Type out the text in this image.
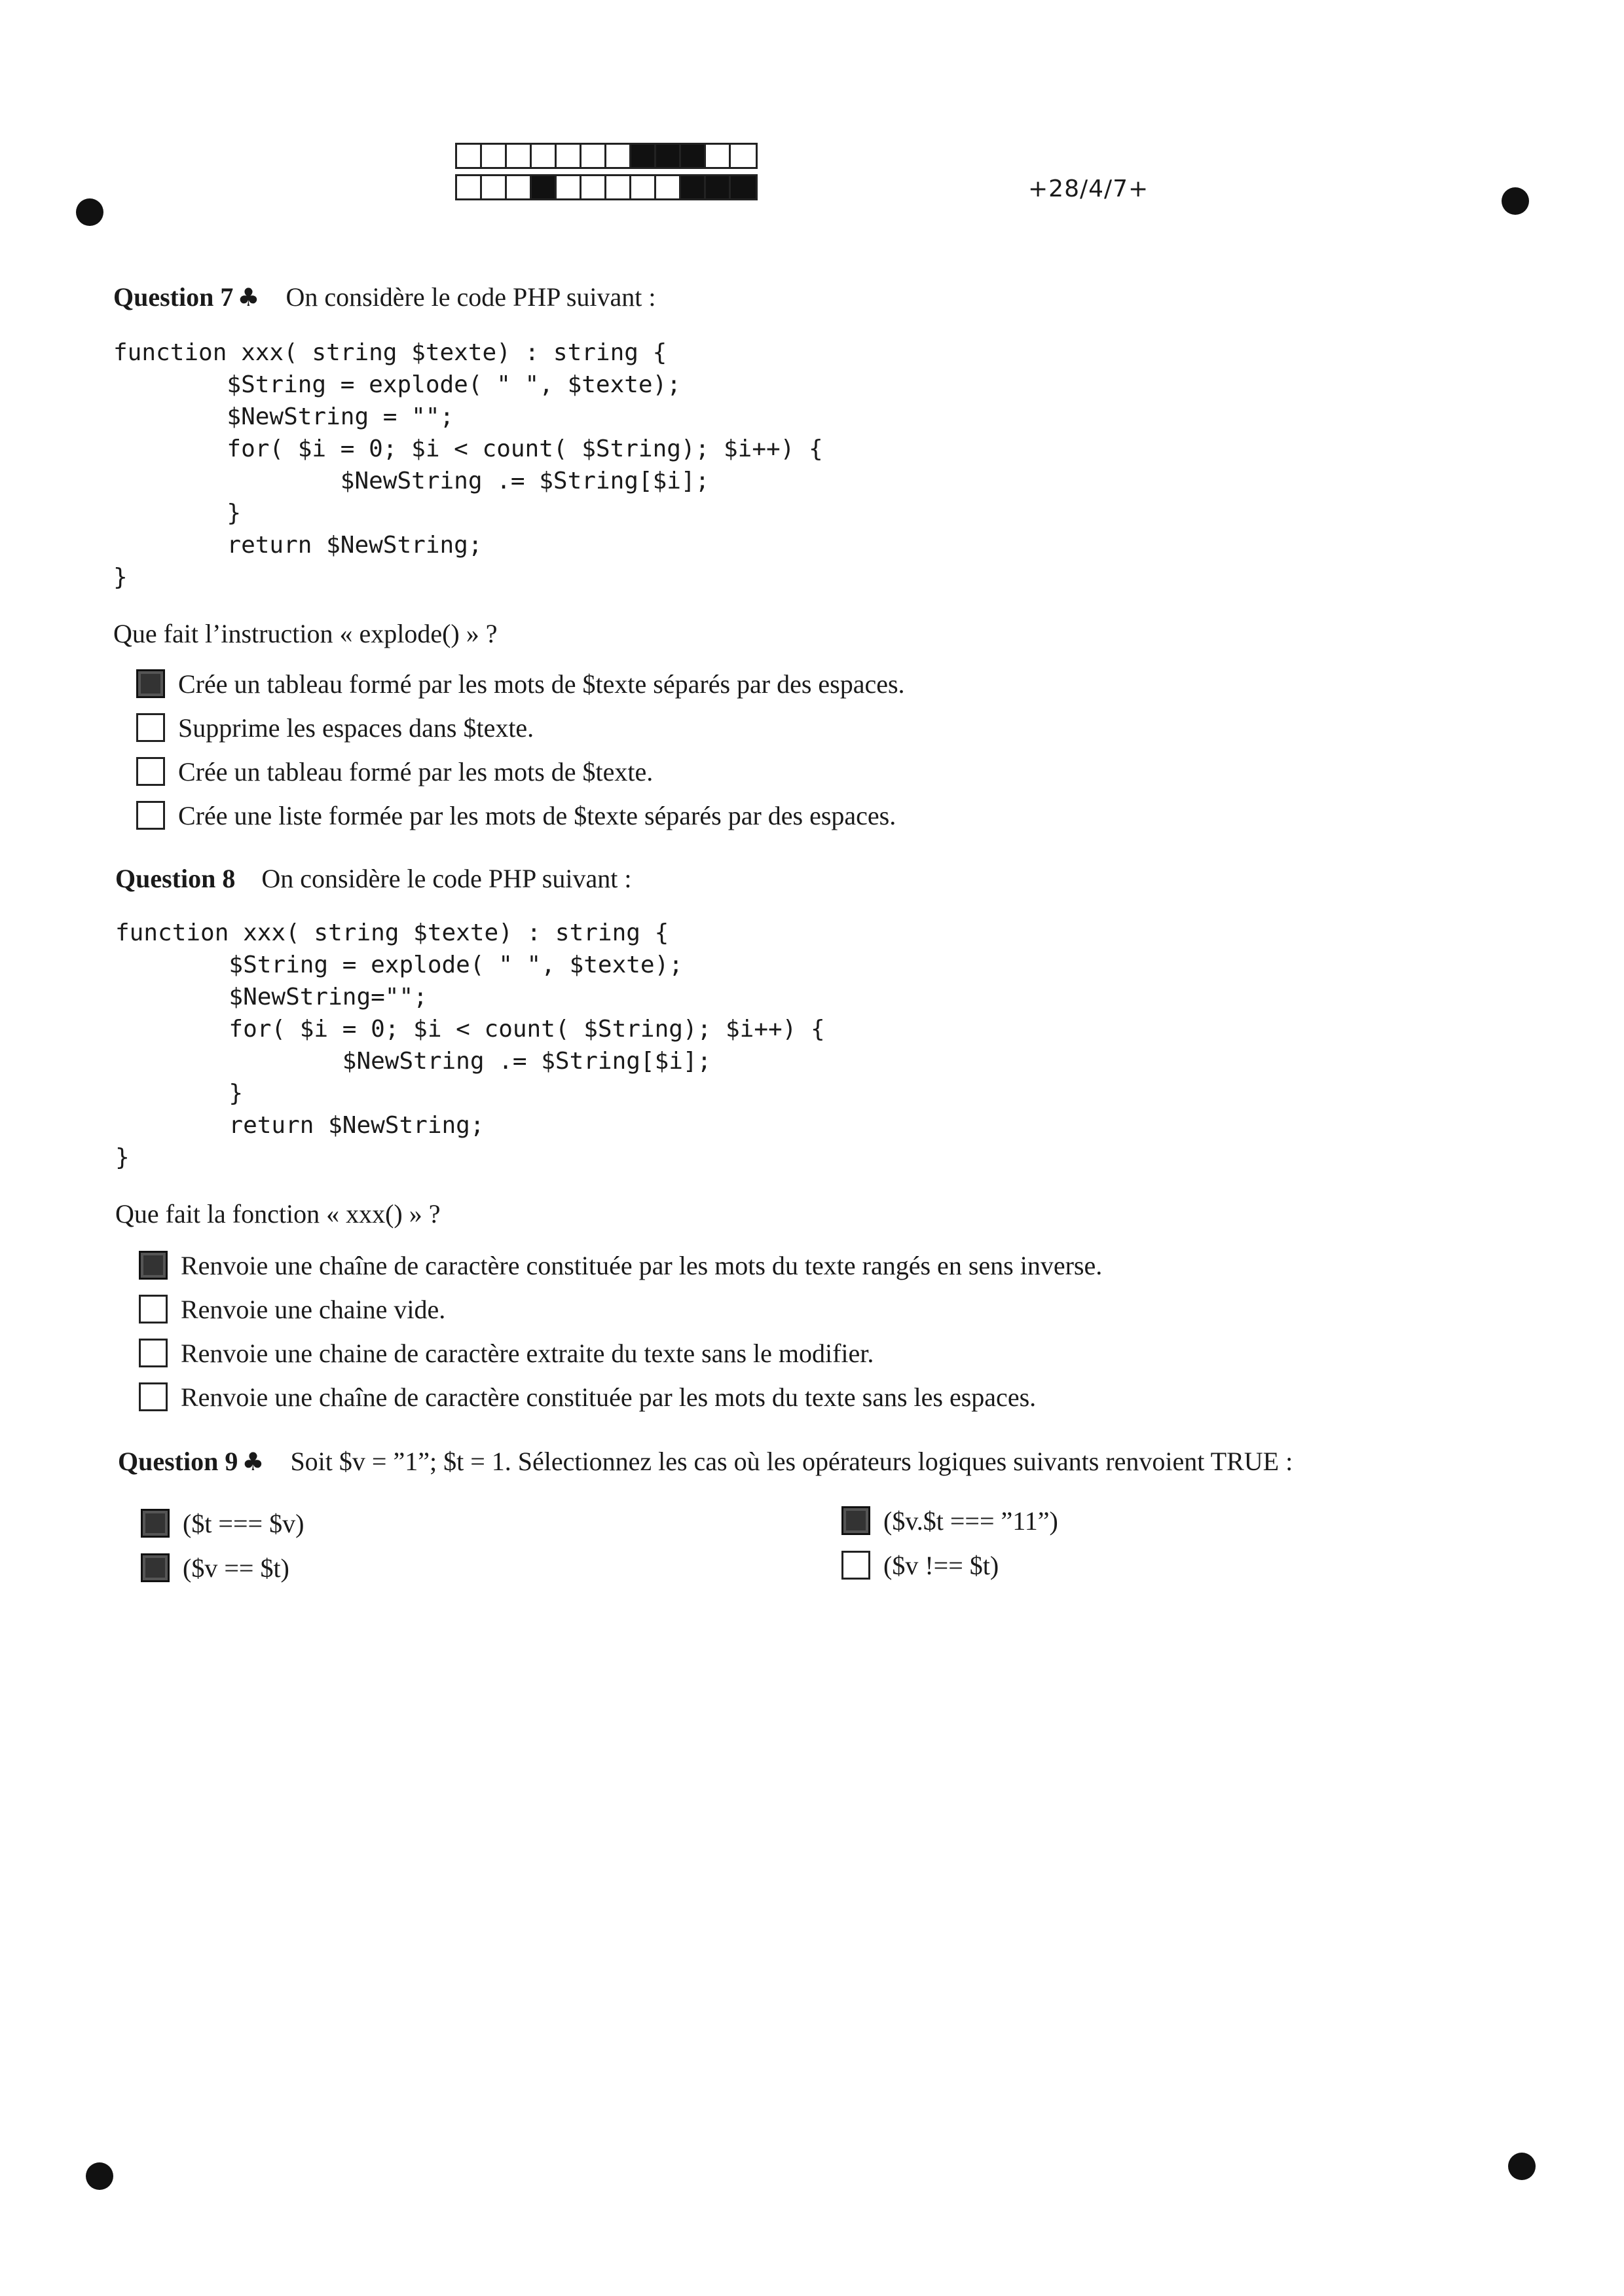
+28/4/7+
Question 7 ♣ On considère le code PHP suivant :
function xxx( string $texte) : string {
$String = explode( " ", $texte);
$NewString = "";
for( $i = 0; $i < count( $String); $i++) {
$NewString .= $String[$i];
}
return $NewString;
}
Que fait l’instruction « explode() » ?
Crée un tableau formé par les mots de $texte séparés par des espaces.
Supprime les espaces dans $texte.
Crée un tableau formé par les mots de $texte.
Crée une liste formée par les mots de $texte séparés par des espaces.
Question 8 On considère le code PHP suivant :
function xxx( string $texte) : string {
$String = explode( " ", $texte);
$NewString="";
for( $i = 0; $i < count( $String); $i++) {
$NewString .= $String[$i];
}
return $NewString;
}
Que fait la fonction « xxx() » ?
Renvoie une chaîne de caractère constituée par les mots du texte rangés en sens inverse.
Renvoie une chaine vide.
Renvoie une chaine de caractère extraite du texte sans le modifier.
Renvoie une chaîne de caractère constituée par les mots du texte sans les espaces.
Question 9 ♣ Soit $v = ”1”; $t = 1. Sélectionnez les cas où les opérateurs logiques suivants renvoient TRUE :
($t === $v)
($v == $t)
($v.$t === ”11”)
($v !== $t)
